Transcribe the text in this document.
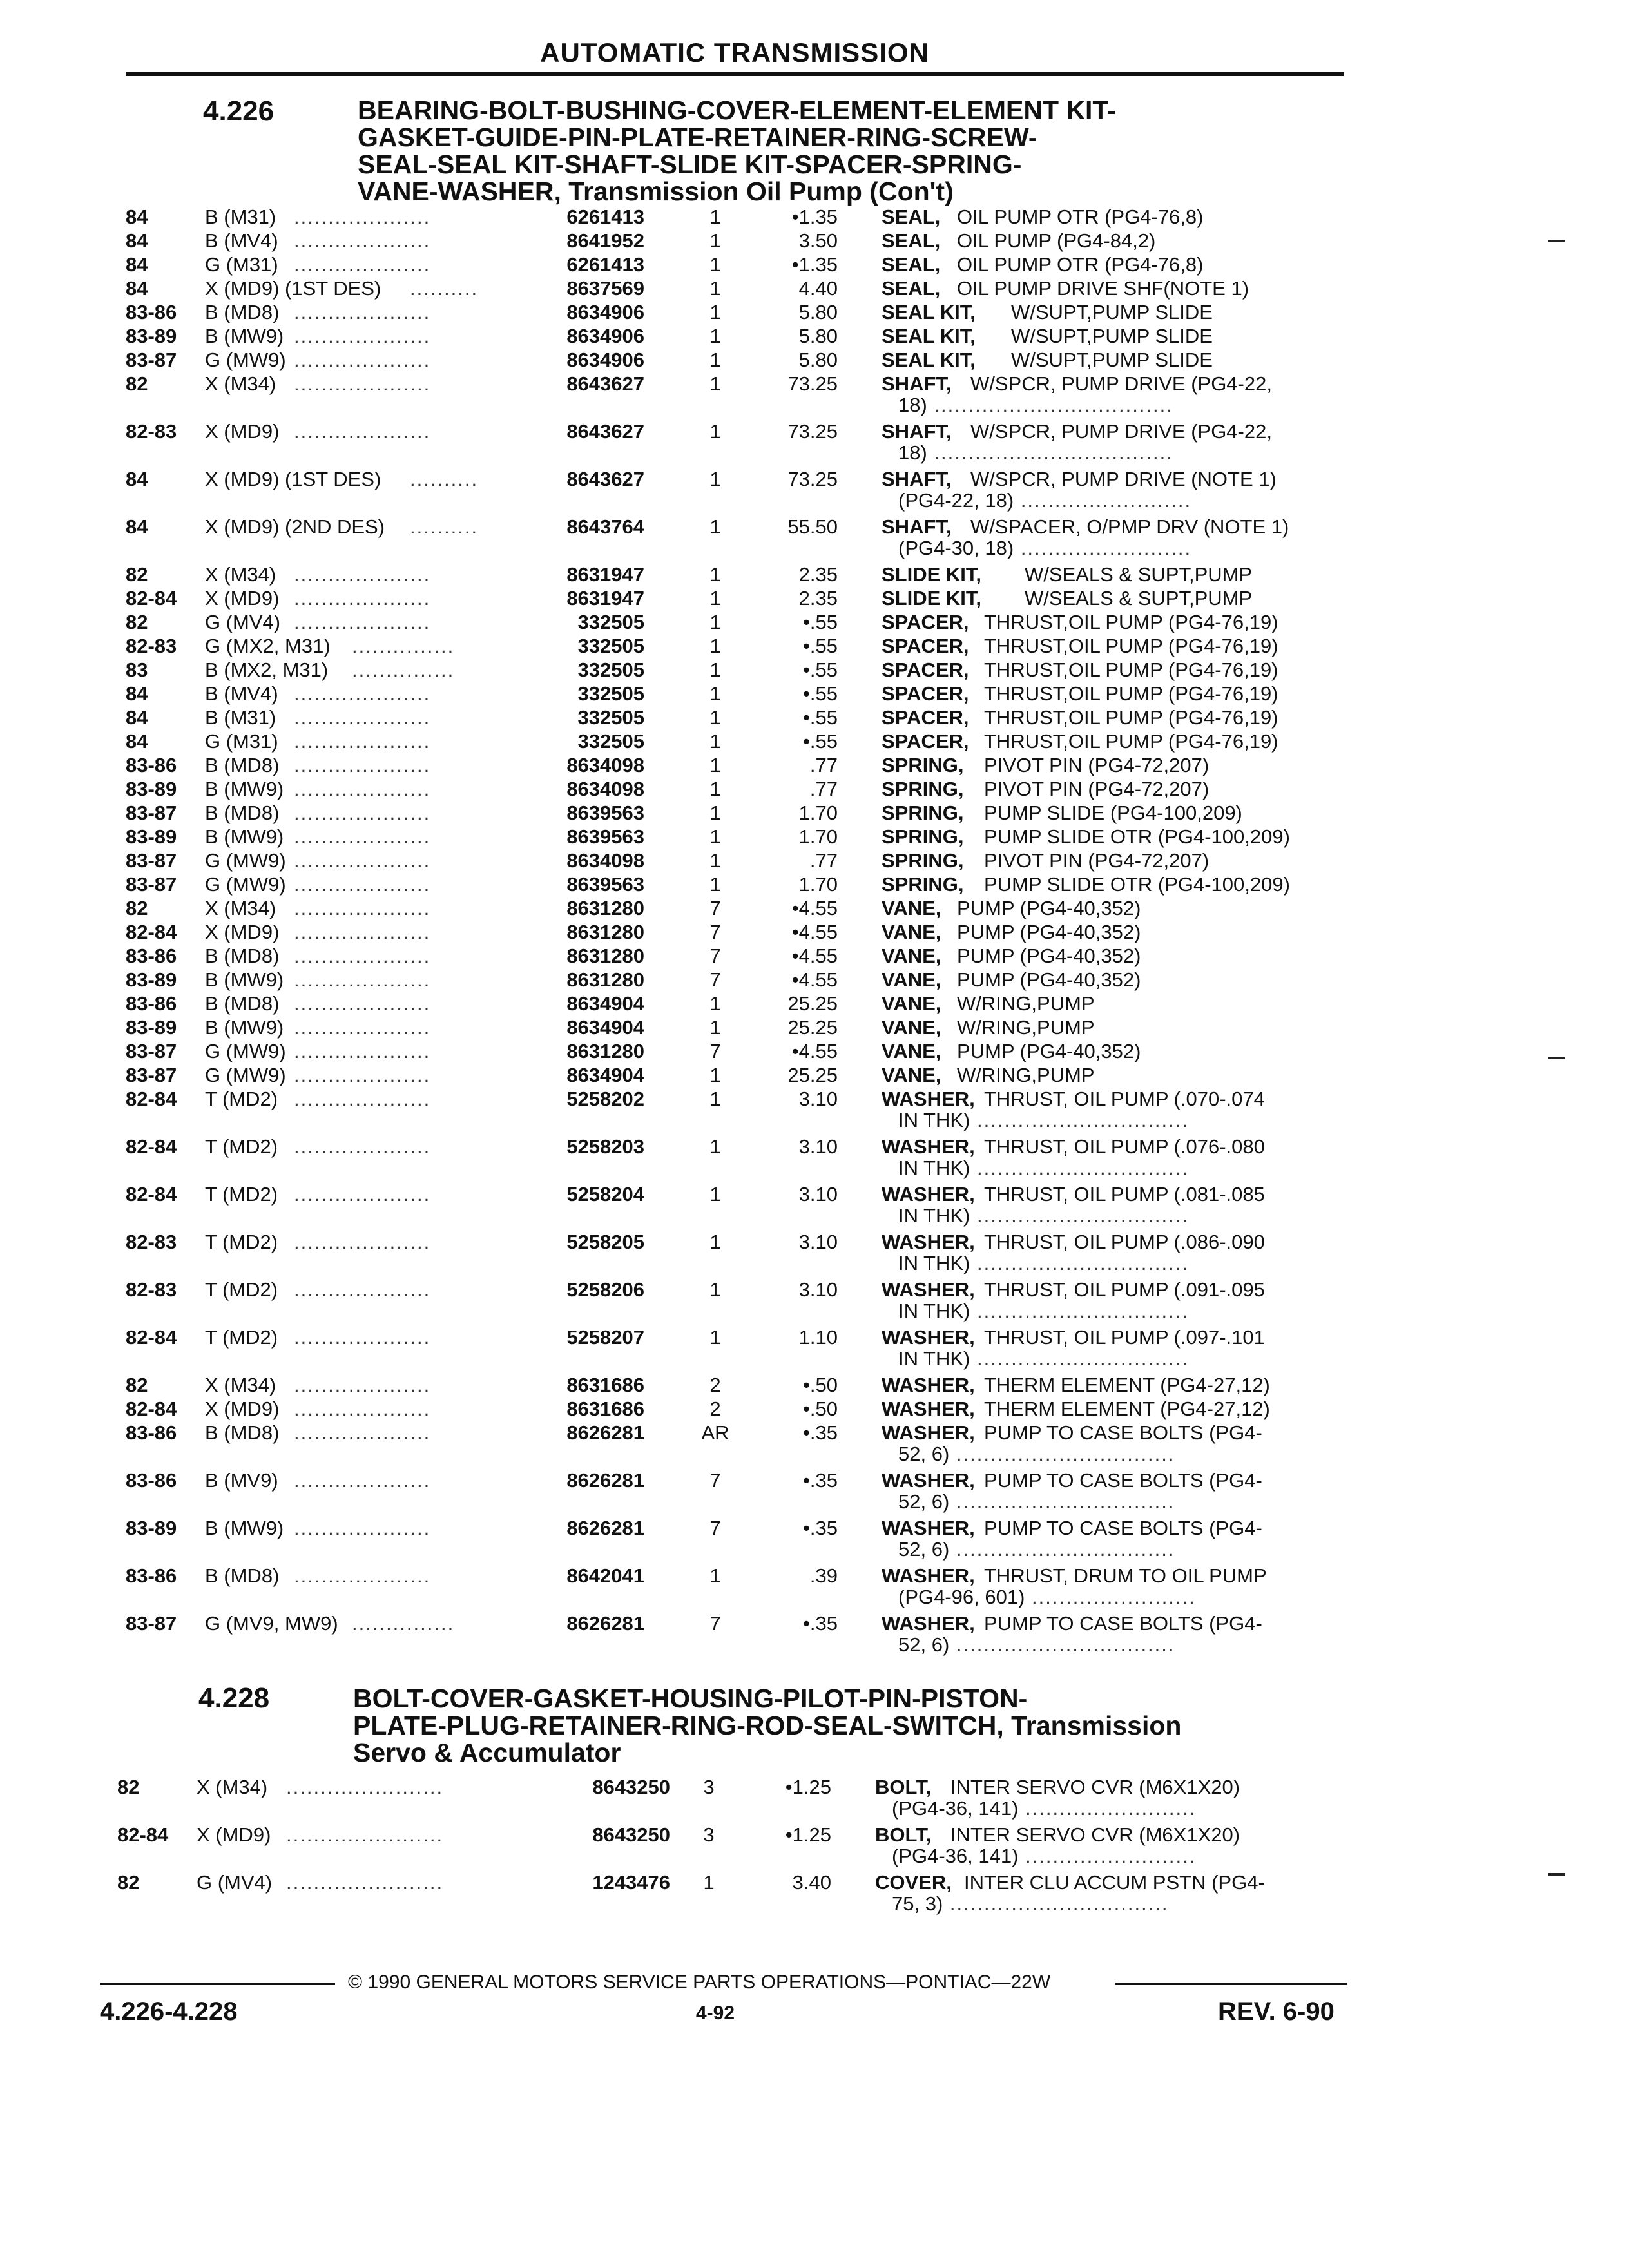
AUTOMATIC TRANSMISSION
4.226	BEARING-BOLT-BUSHING-COVER-ELEMENT-ELEMENT KIT-
GASKET-GUIDE-PIN-PLATE-RETAINER-RING-SCREW-
SEAL-SEAL KIT-SHAFT-SLIDE KIT-SPACER-SPRING-
VANE-WASHER, Transmission Oil Pump (Con't)
84	B (M31) ....................	6261413	1	•1.35 SEAL, OIL PUMP OTR (PG4-76,8)
84	B (MV4) ....................	8641952	1	3.50 SEAL, OIL PUMP (PG4-84,2)
84	G (M31) ....................	6261413	1	•1.35 SEAL, OIL PUMP OTR (PG4-76,8)
84	X (MD9) (1ST DES) ..........	8637569	1	4.40 SEAL, OIL PUMP DRIVE SHF(NOTE 1)
83-86 B (MD8) ....................	8634906	1	5.80 SEAL KIT, W/SUPT,PUMP SLIDE
83-89 B (MW9) ....................	8634906	1	5.80 SEAL KIT, W/SUPT,PUMP SLIDE
83-87 G (MW9) ....................	8634906	1	5.80 SEAL KIT, W/SUPT,PUMP SLIDE
82	X (M34) ....................	8643627	1	73.25 SHAFT, W/SPCR, PUMP DRIVE (PG4-22,
18) ...................................
82-83 X (MD9) ....................	8643627	1	73.25 SHAFT, W/SPCR, PUMP DRIVE (PG4-22,
18) ...................................
84	X (MD9) (1ST DES) ..........	8643627	1	73.25 SHAFT, W/SPCR, PUMP DRIVE (NOTE 1)
(PG4-22, 18) .........................
84	X (MD9) (2ND DES) ..........	8643764	1	55.50 SHAFT, W/SPACER, O/PMP DRV (NOTE 1)
(PG4-30, 18) .........................
82	X (M34) ....................	8631947	1	2.35 SLIDE KIT, W/SEALS & SUPT,PUMP
82-84 X (MD9) ....................	8631947	1	2.35 SLIDE KIT, W/SEALS & SUPT,PUMP
82	G (MV4) ....................	332505	1	•.55 SPACER, THRUST,OIL PUMP (PG4-76,19)
82-83 G (MX2, M31) ...............	332505	1	•.55 SPACER, THRUST,OIL PUMP (PG4-76,19)
83	B (MX2, M31) ...............	332505	1	•.55 SPACER, THRUST,OIL PUMP (PG4-76,19)
84	B (MV4) ....................	332505	1	•.55 SPACER, THRUST,OIL PUMP (PG4-76,19)
84	B (M31) ....................	332505	1	•.55 SPACER, THRUST,OIL PUMP (PG4-76,19)
84	G (M31) ....................	332505	1	•.55 SPACER, THRUST,OIL PUMP (PG4-76,19)
83-86 B (MD8) ....................	8634098	1	.77 SPRING, PIVOT PIN (PG4-72,207)
83-89 B (MW9) ....................	8634098	1	.77 SPRING, PIVOT PIN (PG4-72,207)
83-87 B (MD8) ....................	8639563	1	1.70 SPRING, PUMP SLIDE (PG4-100,209)
83-89 B (MW9) ....................	8639563	1	1.70 SPRING, PUMP SLIDE OTR (PG4-100,209)
83-87 G (MW9) ....................	8634098	1	.77 SPRING, PIVOT PIN (PG4-72,207)
83-87 G (MW9) ....................	8639563	1	1.70 SPRING, PUMP SLIDE OTR (PG4-100,209)
82	X (M34) ....................	8631280	7	•4.55 VANE, PUMP (PG4-40,352)
82-84 X (MD9) ....................	8631280	7	•4.55 VANE, PUMP (PG4-40,352)
83-86 B (MD8) ....................	8631280	7	•4.55 VANE, PUMP (PG4-40,352)
83-89 B (MW9) ....................	8631280	7	•4.55 VANE, PUMP (PG4-40,352)
83-86 B (MD8) ....................	8634904	1	25.25 VANE, W/RING,PUMP
83-89 B (MW9) ....................	8634904	1	25.25 VANE, W/RING,PUMP
83-87 G (MW9) ....................	8631280	7	•4.55 VANE, PUMP (PG4-40,352)
83-87 G (MW9) ....................	8634904	1	25.25 VANE, W/RING,PUMP
82-84 T (MD2) ....................	5258202	1	3.10 WASHER, THRUST, OIL PUMP (.070-.074
IN THK) ...............................
82-84 T (MD2) ....................	5258203	1	3.10 WASHER, THRUST, OIL PUMP (.076-.080
IN THK) ...............................
82-84 T (MD2) ....................	5258204	1	3.10 WASHER, THRUST, OIL PUMP (.081-.085
IN THK) ...............................
82-83 T (MD2) ....................	5258205	1	3.10 WASHER, THRUST, OIL PUMP (.086-.090
IN THK) ...............................
82-83 T (MD2) ....................	5258206	1	3.10 WASHER, THRUST, OIL PUMP (.091-.095
IN THK) ...............................
82-84 T (MD2) ....................	5258207	1	1.10 WASHER, THRUST, OIL PUMP (.097-.101
IN THK) ...............................
82	X (M34) ....................	8631686	2	•.50 WASHER, THERM ELEMENT (PG4-27,12)
82-84 X (MD9) ....................	8631686	2	•.50 WASHER, THERM ELEMENT (PG4-27,12)
83-86 B (MD8) ....................	8626281	AR	•.35 WASHER, PUMP TO CASE BOLTS (PG4-
52, 6) ................................
83-86 B (MV9) ....................	8626281	7	•.35 WASHER, PUMP TO CASE BOLTS (PG4-
52, 6) ................................
83-89 B (MW9) ....................	8626281	7	•.35 WASHER, PUMP TO CASE BOLTS (PG4-
52, 6) ................................
83-86 B (MD8) ....................	8642041	1	.39 WASHER, THRUST, DRUM TO OIL PUMP
(PG4-96, 601) ........................
83-87 G (MV9, MW9) ...............	8626281	7	•.35 WASHER, PUMP TO CASE BOLTS (PG4-
52, 6) ................................
4.228	BOLT-COVER-GASKET-HOUSING-PILOT-PIN-PISTON-
PLATE-PLUG-RETAINER-RING-ROD-SEAL-SWITCH, Transmission
Servo & Accumulator
82	X (M34) .......................	8643250	3	•1.25 BOLT, INTER SERVO CVR (M6X1X20)
(PG4-36, 141) .........................
82-84 X (MD9) .......................	8643250	3	•1.25 BOLT, INTER SERVO CVR (M6X1X20)
(PG4-36, 141) .........................
82	G (MV4) .......................	1243476	1	3.40 COVER, INTER CLU ACCUM PSTN (PG4-
75, 3) ................................
© 1990 GENERAL MOTORS SERVICE PARTS OPERATIONS—PONTIAC—22W
4.226-4.228	4-92	REV. 6-90
